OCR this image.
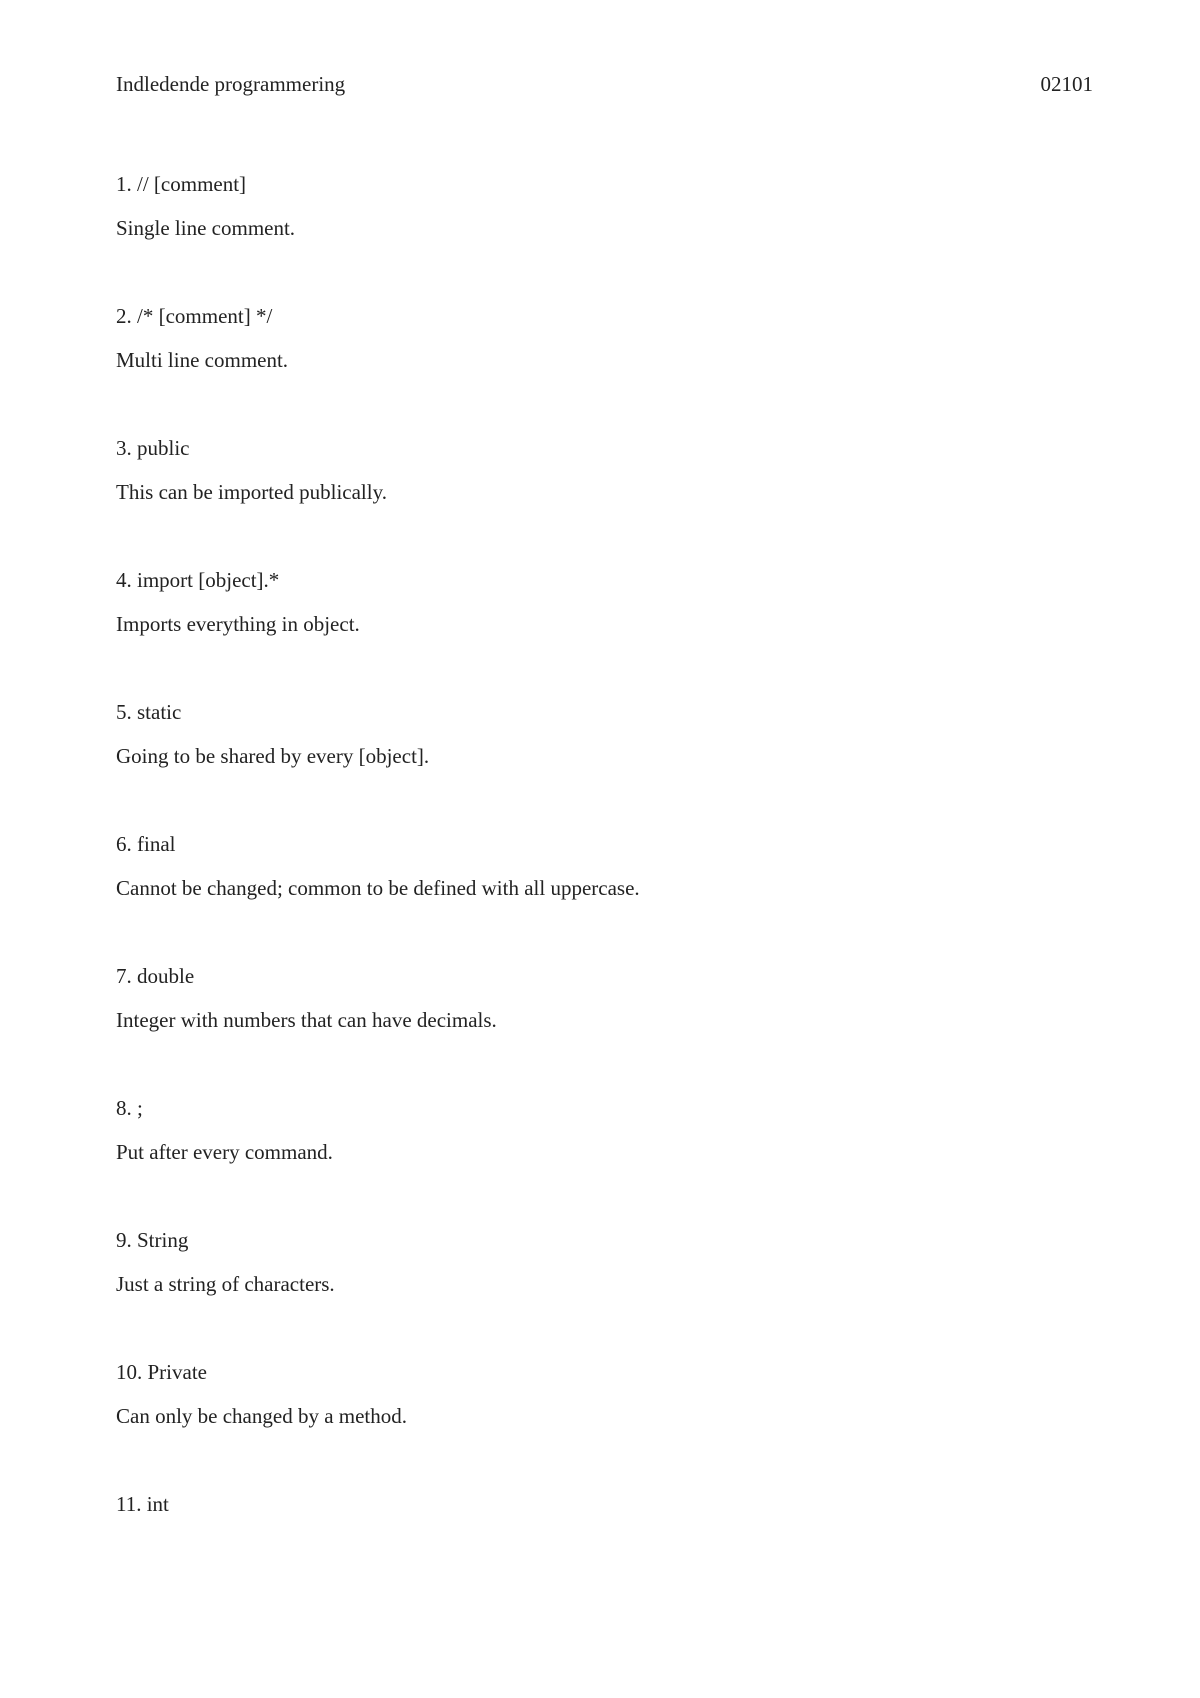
Indledende programmering	02101
1. // [comment]
Single line comment.
2. /* [comment] */
Multi line comment.
3. public
This can be imported publically.
4. import [object].*
Imports everything in object.
5. static
Going to be shared by every [object].
6. final
Cannot be changed; common to be defined with all uppercase.
7. double
Integer with numbers that can have decimals.
8. ;
Put after every command.
9. String
Just a string of characters.
10. Private
Can only be changed by a method.
11. int
